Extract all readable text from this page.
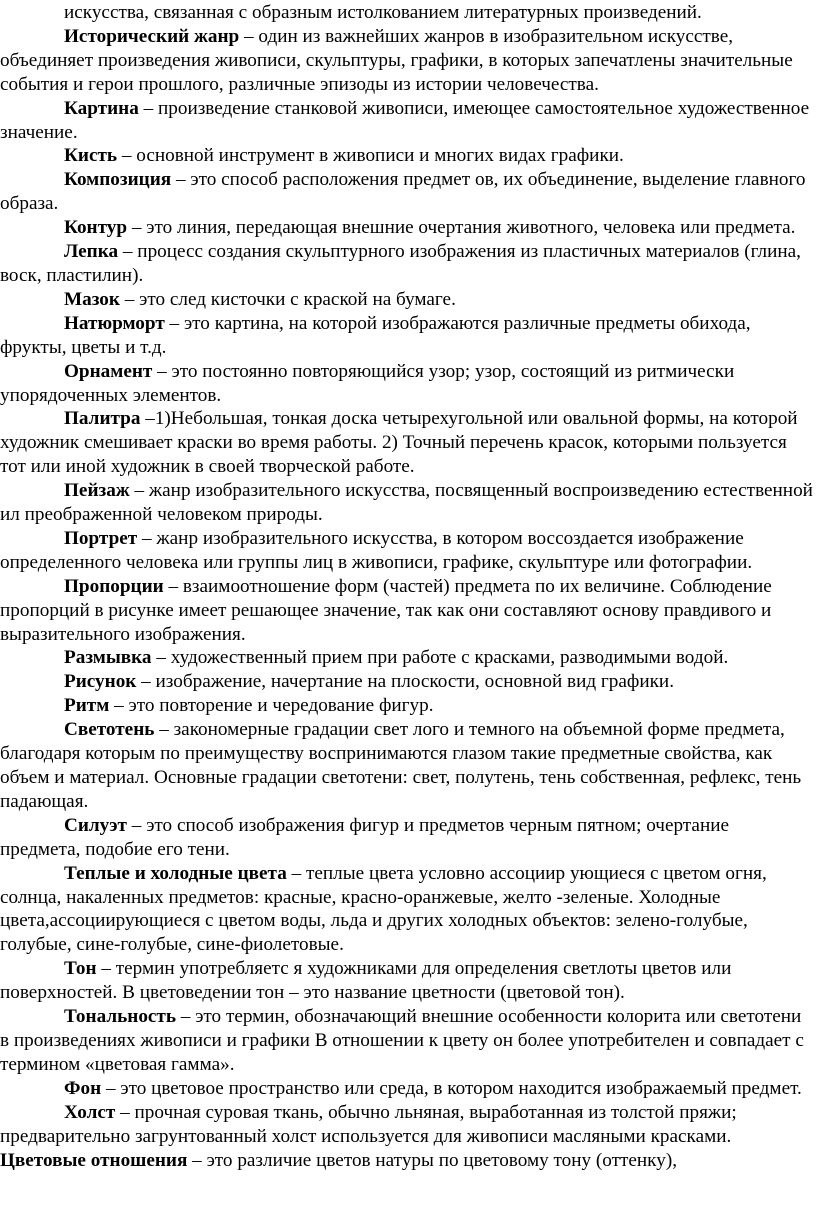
искусства, связанная с образным истолкованием литературных произведений.

Исторический жанр – один из важнейших жанров в изобразительном искусстве, объединяет произведения живописи, скульптуры, графики, в которых запечатлены значительные события и герои прошлого, различные эпизоды из истории человечества.

Картина – произведение станковой живописи, имеющее самостоятельное художественное значение.

Кисть – основной инструмент в живописи и многих видах графики.

Композиция – это способ расположения предмет ов, их объединение, выделение главного образа.

Контур – это линия, передающая внешние очертания животного, человека или предмета.

Лепка – процесс создания скульптурного изображения из пластичных материалов (глина, воск, пластилин).

Мазок – это след кисточки с краской на бумаге.

Натюрморт – это картина, на которой изображаются различные предметы обихода, фрукты, цветы и т.д.

Орнамент – это постоянно повторяющийся узор; узор, состоящий из ритмически упорядоченных элементов.

Палитра –1)Небольшая, тонкая доска четырехугольной или овальной формы, на которой художник смешивает краски во время работы. 2) Точный перечень красок, которыми пользуется тот или иной художник в своей творческой работе.

Пейзаж – жанр изобразительного искусства, посвященный воспроизведению естественной ил преображенной человеком природы.

Портрет – жанр изобразительного искусства, в котором воссоздается изображение определенного человека или группы лиц в живописи, графике, скульптуре или фотографии.

Пропорции – взаимоотношение форм (частей) предмета по их величине. Соблюдение пропорций в рисунке имеет решающее значение, так как они составляют основу правдивого и выразительного изображения.

Размывка – художественный прием при работе с красками, разводимыми водой.

Рисунок – изображение, начертание на плоскости, основной вид графики.

Ритм – это повторение и чередование фигур.

Светотень – закономерные градации свет лого и темного на объемной форме предмета, благодаря которым по преимуществу воспринимаются глазом такие предметные свойства, как объем и материал. Основные градации светотени: свет, полутень, тень собственная, рефлекс, тень падающая.

Силуэт – это способ изображения фигур и предметов черным пятном; очертание предмета, подобие его тени.

Теплые и холодные цвета – теплые цвета условно ассоциир ующиеся с цветом огня, солнца, накаленных предметов: красные, красно-оранжевые, желто -зеленые. Холодные цвета,ассоциирующиеся с цветом воды, льда и других холодных объектов: зелено-голубые, голубые, сине-голубые, сине-фиолетовые.

Тон – термин употребляетс я художниками для определения светлоты цветов или поверхностей. В цветоведении тон – это название цветности (цветовой тон).

Тональность – это термин, обозначающий внешние особенности колорита или светотени в произведениях живописи и графики В отношении к цвету он более употребителен и совпадает с термином «цветовая гамма».

Фон – это цветовое пространство или среда, в котором находится изображаемый предмет.

Холст – прочная суровая ткань, обычно льняная, выработанная из толстой пряжи; предварительно загрунтованный холст используется для живописи масляными красками.

Цветовые отношения – это различие цветов натуры по цветовому тону (оттенку),
